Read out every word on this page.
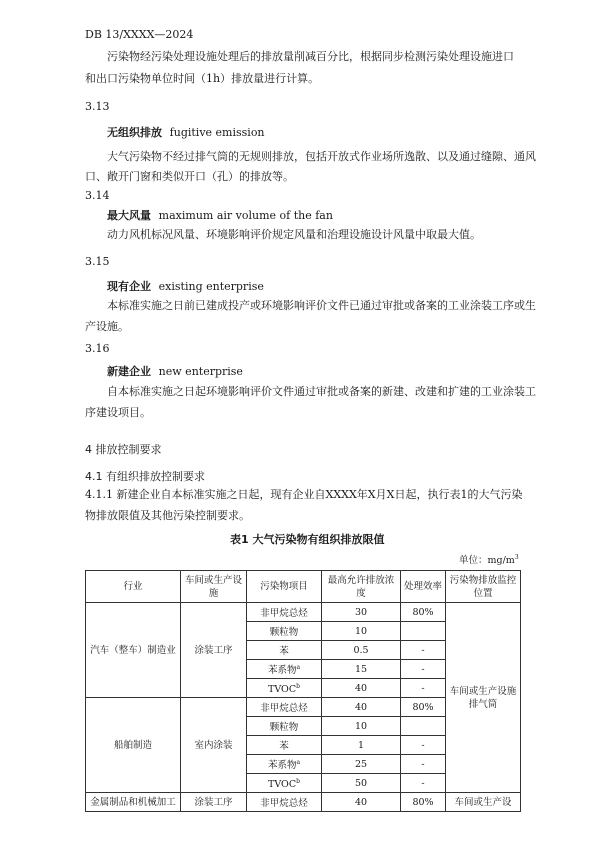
DB 13/XXXX—2024
污染物经污染处理设施处理后的排放量削减百分比，根据同步检测污染处理设施进口
和出口污染物单位时间（1h）排放量进行计算。
3.13
无组织排放 fugitive emission
大气污染物不经过排气筒的无规则排放，包括开放式作业场所逸散、以及通过缝隙、通风
口、敞开门窗和类似开口（孔）的排放等。
3.14
最大风量 maximum air volume of the fan
动力风机标况风量、环境影响评价规定风量和治理设施设计风量中取最大值。
3.15
现有企业 existing enterprise
本标准实施之日前已建成投产或环境影响评价文件已通过审批或备案的工业涂装工序或生
产设施。
3.16
新建企业 new enterprise
自本标准实施之日起环境影响评价文件通过审批或备案的新建、改建和扩建的工业涂装工
序建设项目。
4 排放控制要求
4.1 有组织排放控制要求
4.1.1 新建企业自本标准实施之日起，现有企业自XXXX年X月X日起，执行表1的大气污染
物排放限值及其他污染控制要求。
表1 大气污染物有组织排放限值
单位：$mg/m^3$
行业	车间或生产设施	污染物项目	最高允许排放浓度	处理效率	污染物排放监控位置
汽车（整车）制造业	涂装工序	非甲烷总烃	30	80%	车间或生产设施排气筒
		颗粒物	10		
		苯	0.5	-	
		苯系物$^a$	15	-	
		TVOC$^b$	40	-	
船舶制造	室内涂装	非甲烷总烃	40	80%	
		颗粒物	10		
		苯	1	-	
		苯系物$^a$	25	-	
		TVOC$^b$	50	-	
金属制品和机械加工	涂装工序	非甲烷总烃	40	80%	车间或生产设
